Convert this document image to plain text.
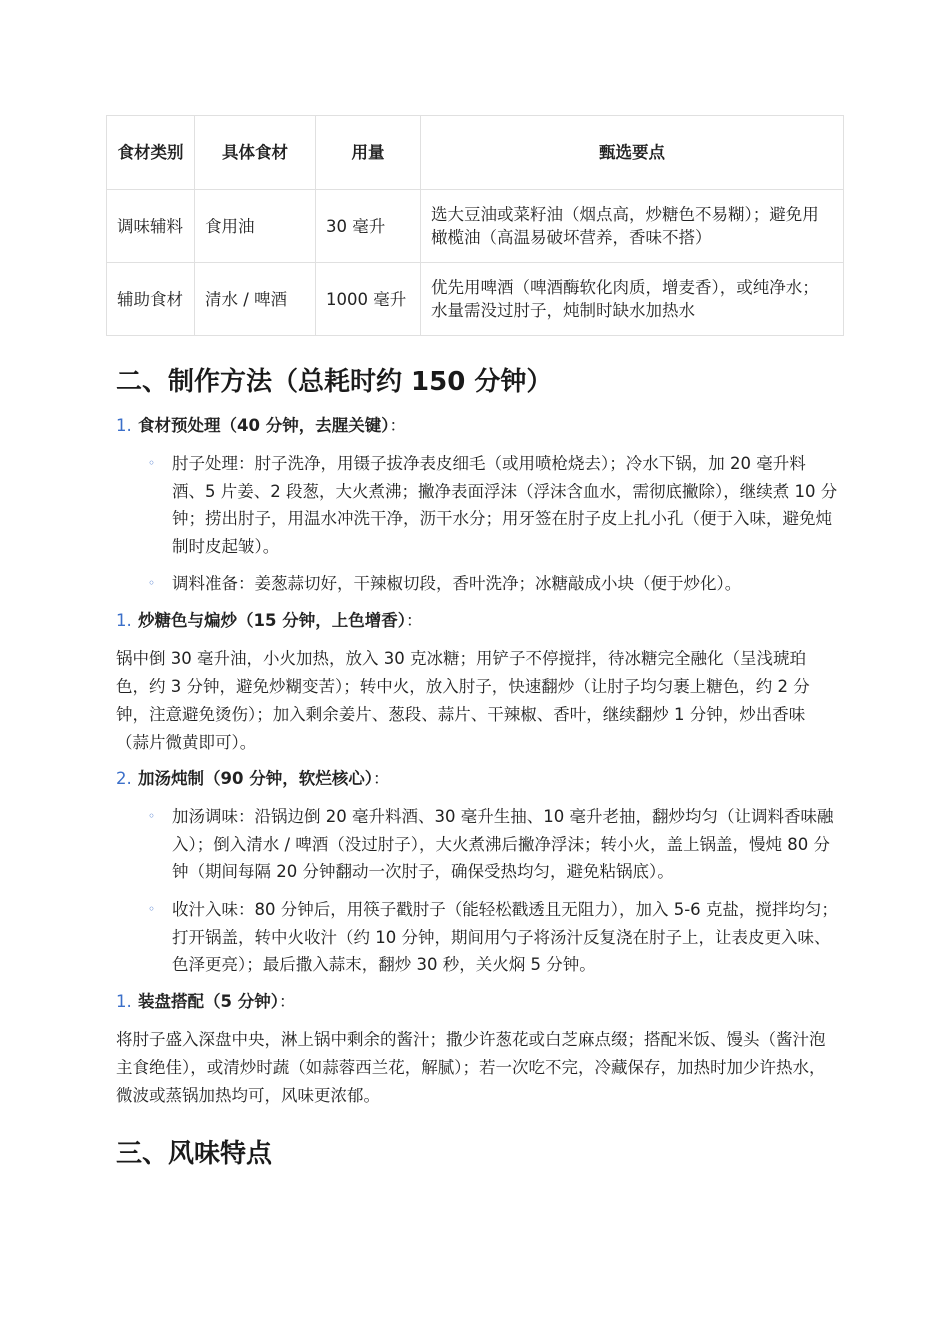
食材类别	具体食材	用量	甄选要点
调味辅料	食用油	30 毫升	选大豆油或菜籽油（烟点高，炒糖色不易糊）；避免用橄榄油（高温易破坏营养，香味不搭）
辅助食材	清水 / 啤酒	1000 毫升	优先用啤酒（啤酒酶软化肉质，增麦香），或纯净水；水量需没过肘子，炖制时缺水加热水
二、制作方法（总耗时约 150 分钟）
1. 食材预处理（40 分钟，去腥关键）：
◦ 肘子处理：肘子洗净，用镊子拔净表皮细毛（或用喷枪烧去）；冷水下锅，加 20 毫升料酒、5 片姜、2 段葱，大火煮沸；撇净表面浮沫（浮沫含血水，需彻底撇除），继续煮 10 分钟；捞出肘子，用温水冲洗干净，沥干水分；用牙签在肘子皮上扎小孔（便于入味，避免炖制时皮起皱）。
◦ 调料准备：姜葱蒜切好，干辣椒切段，香叶洗净；冰糖敲成小块（便于炒化）。
1. 炒糖色与煸炒（15 分钟，上色增香）：
锅中倒 30 毫升油，小火加热，放入 30 克冰糖；用铲子不停搅拌，待冰糖完全融化（呈浅琥珀色，约 3 分钟，避免炒糊变苦）；转中火，放入肘子，快速翻炒（让肘子均匀裹上糖色，约 2 分钟，注意避免烫伤）；加入剩余姜片、葱段、蒜片、干辣椒、香叶，继续翻炒 1 分钟，炒出香味（蒜片微黄即可）。
2. 加汤炖制（90 分钟，软烂核心）：
◦ 加汤调味：沿锅边倒 20 毫升料酒、30 毫升生抽、10 毫升老抽，翻炒均匀（让调料香味融入）；倒入清水 / 啤酒（没过肘子），大火煮沸后撇净浮沫；转小火，盖上锅盖，慢炖 80 分钟（期间每隔 20 分钟翻动一次肘子，确保受热均匀，避免粘锅底）。
◦ 收汁入味：80 分钟后，用筷子戳肘子（能轻松戳透且无阻力），加入 5-6 克盐，搅拌均匀；打开锅盖，转中火收汁（约 10 分钟，期间用勺子将汤汁反复浇在肘子上，让表皮更入味、色泽更亮）；最后撒入蒜末，翻炒 30 秒，关火焖 5 分钟。
1. 装盘搭配（5 分钟）：
将肘子盛入深盘中央，淋上锅中剩余的酱汁；撒少许葱花或白芝麻点缀；搭配米饭、馒头（酱汁泡主食绝佳），或清炒时蔬（如蒜蓉西兰花，解腻）；若一次吃不完，冷藏保存，加热时加少许热水，微波或蒸锅加热均可，风味更浓郁。
三、风味特点
